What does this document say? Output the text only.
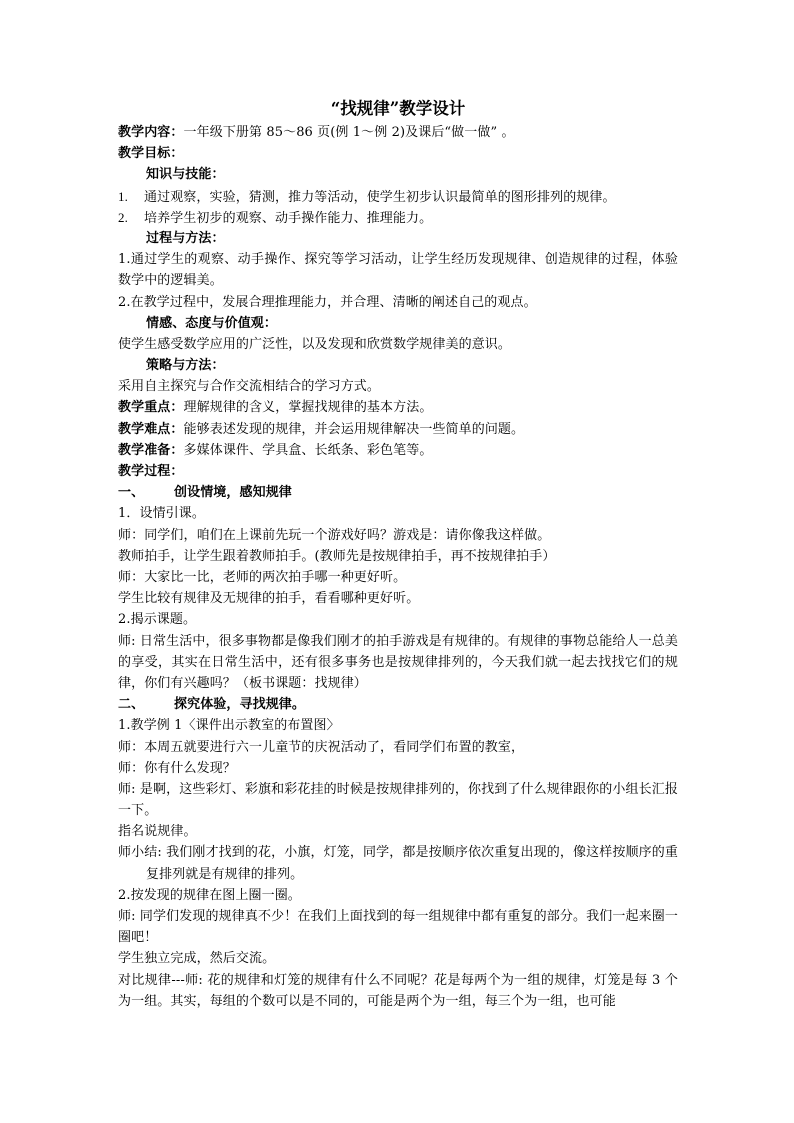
“找规律”教学设计
教学内容：一年级下册第 85～86 页(例 1～例 2)及课后“做一做” 。
教学目标：
知识与技能：
1. 通过观察，实验，猜测，推力等活动，使学生初步认识最简单的图形排列的规律。
2. 培养学生初步的观察、动手操作能力、推理能力。
过程与方法：
1.通过学生的观察、动手操作、探究等学习活动，让学生经历发现规律、创造规律的过程，体验数学中的逻辑美。
2.在教学过程中，发展合理推理能力，并合理、清晰的阐述自己的观点。
情感、态度与价值观：
使学生感受数学应用的广泛性，以及发现和欣赏数学规律美的意识。
策略与方法：
采用自主探究与合作交流相结合的学习方式。
教学重点：理解规律的含义，掌握找规律的基本方法。
教学难点：能够表述发现的规律，并会运用规律解决一些简单的问题。
教学准备：多媒体课件、学具盒、长纸条、彩色笔等。
教学过程：
一、 创设情境，感知规律
1．设情引课。
师：同学们，咱们在上课前先玩一个游戏好吗？游戏是：请你像我这样做。
教师拍手，让学生跟着教师拍手。(教师先是按规律拍手，再不按规律拍手）
师：大家比一比，老师的两次拍手哪一种更好听。
学生比较有规律及无规律的拍手，看看哪种更好听。
2.揭示课题。
师: 日常生活中，很多事物都是像我们刚才的拍手游戏是有规律的。有规律的事物总能给人一总美的享受，其实在日常生活中，还有很多事务也是按规律排列的，今天我们就一起去找找它们的规律，你们有兴趣吗？（板书课题：找规律）
二、 探究体验，寻找规律。
1.教学例 1〈课件出示教室的布置图〉
师：本周五就要进行六一儿童节的庆祝活动了，看同学们布置的教室，
师：你有什么发现？
师: 是啊，这些彩灯、彩旗和彩花挂的时候是按规律排列的，你找到了什么规律跟你的小组长汇报一下。
指名说规律。
师小结: 我们刚才找到的花，小旗，灯笼，同学，都是按顺序依次重复出现的，像这样按顺序的重复排列就是有规律的排列。
2.按发现的规律在图上圈一圈。
师: 同学们发现的规律真不少！在我们上面找到的每一组规律中都有重复的部分。我们一起来圈一圈吧！
学生独立完成，然后交流。
对比规律---师: 花的规律和灯笼的规律有什么不同呢？花是每两个为一组的规律，灯笼是每 3 个为一组。其实，每组的个数可以是不同的，可能是两个为一组，每三个为一组，也可能
